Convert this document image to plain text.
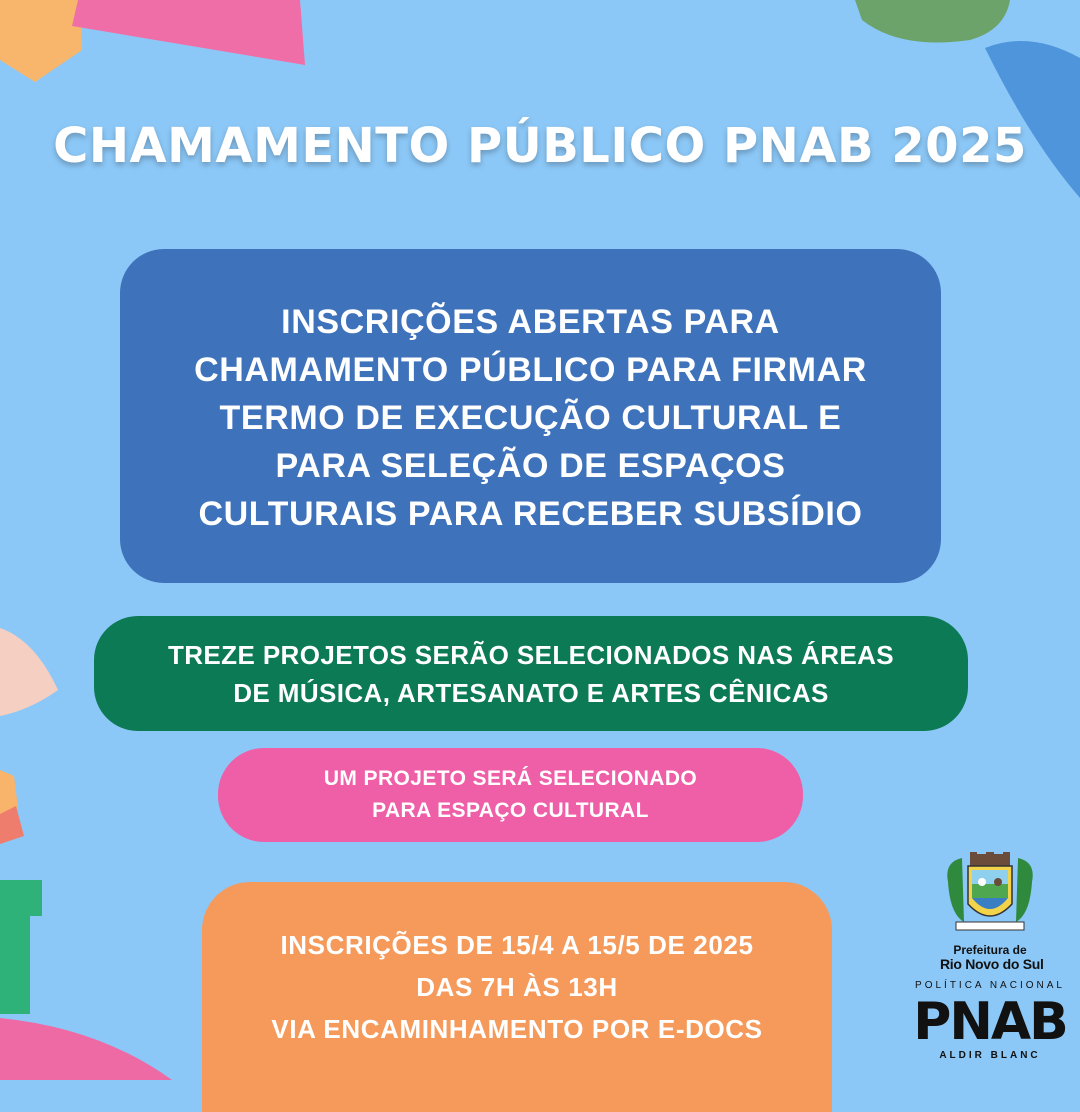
CHAMAMENTO PÚBLICO PNAB 2025
INSCRIÇÕES ABERTAS PARA
CHAMAMENTO PÚBLICO PARA FIRMAR
TERMO DE EXECUÇÃO CULTURAL E
PARA SELEÇÃO DE ESPAÇOS
CULTURAIS PARA RECEBER SUBSÍDIO
TREZE PROJETOS SERÃO SELECIONADOS NAS ÁREAS
DE MÚSICA, ARTESANATO E ARTES CÊNICAS
UM PROJETO SERÁ SELECIONADO
PARA ESPAÇO CULTURAL
INSCRIÇÕES DE 15/4 A 15/5 DE 2025
DAS 7H ÀS 13H
VIA ENCAMINHAMENTO POR E-DOCS
Prefeitura de
Rio Novo do Sul
POLÍTICA NACIONAL
PNAB
ALDIR BLANC
